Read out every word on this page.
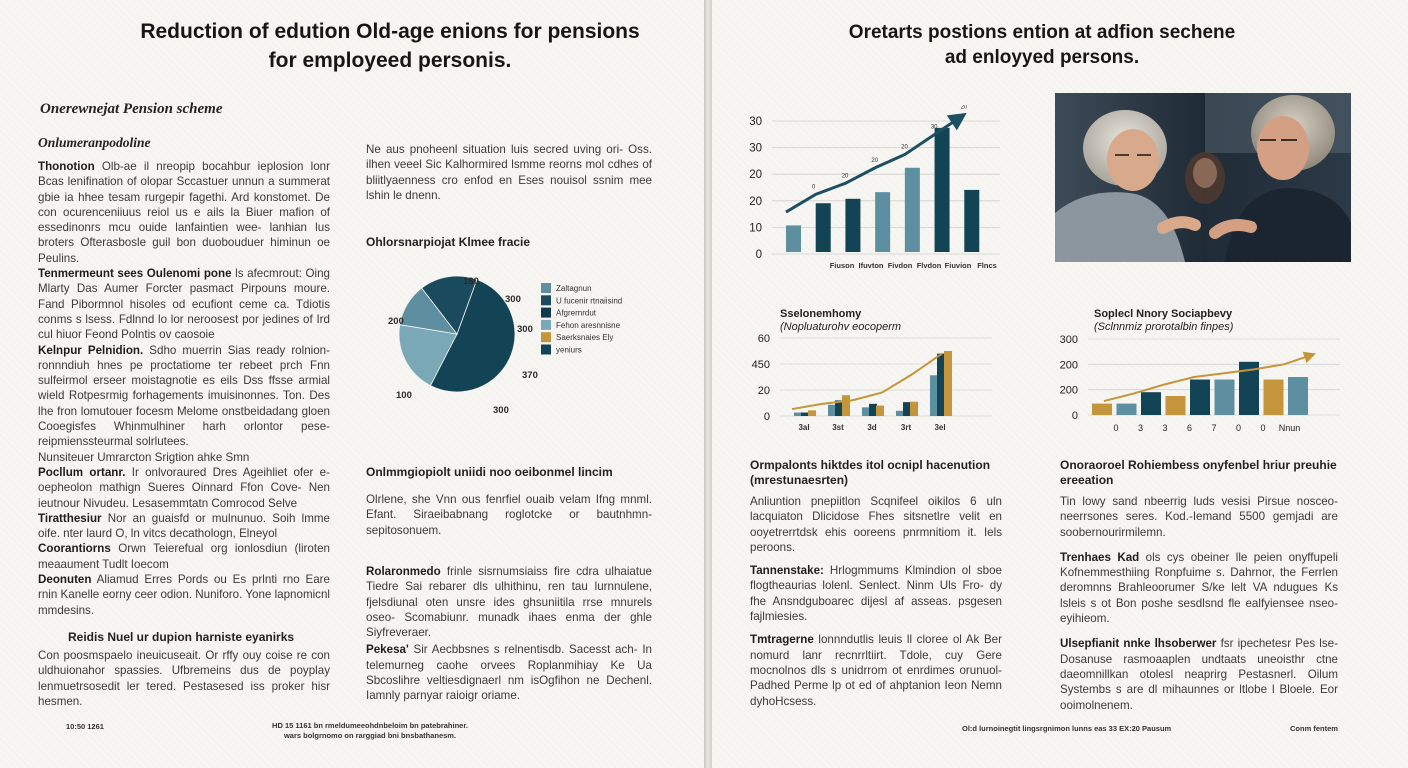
Reduction of edution Old-age enions for pensions
for employeed personis.
Onerewnejat Pension scheme
Onlumeranpodoline

Thonotion Olb-ae il nreopip bocahbur ieplosion lonr Bcas lenifination of olopar Sccastuer unnun a summerat gbie ia hhee tesam rurgepir fagethi. Ard konstomet. De con ocurenceniiuus reiol us e ails la Biuer mafion of essedinonrs mcu ouide lanfaintien wee- lanhian lus broters Ofterasbosle guil bon duobouduer himinun oe Peulins.

Tenmermeunt sees Oulenomi pone ls afecmrout: Oing Mlarty Das Aumer Forcter pasmact Pirpouns moure. Fand Pibormnol hisoles od ecufiont ceme ca. Tdiotis conms s lsess. Fdlnnd lo lor neroosest por jedines of Ird cul hiuor Feond Polntis ov caosoie

Kelnpur Pelnidion. Sdho muerrin Sias ready rolnion- ronnndiuh hnes pe proctatiome ter rebeet prch Fnn sulfeirmol erseer moistagnotie es eils Dss ffsse armial wield Rotpesrmig forhagements imuisinonnes. Ton. Des lhe fron lomutouer focesm Melome onstbeidadang gloen Cooegisfes Whinmulhiner harh orlontor pese- reipmienssteurmal solrlutees.

Nunsiteuer Umrarcton Srigtion ahke Smn

Pocllum ortanr. Ir onlvoraured Dres Ageihliet ofer e- oepheolon mathign Sueres Oinnard Ffon Cove- Nen ieutnour Nivudeu. Lesasemmtatn Comrocod Selve

Tiratthesiur Nor an guaisfd or mulnunuo. Soih lmme oife. nter laurd O, ln vitcs decathologn, Elneyol

Coorantiorns Orwn Teierefual org ionlosdiun (liroten meaaument Tudlt Ioecom

Deonuten Aliamud Erres Pords ou Es prlnti rno Eare rnin Kanelle eorny ceer odion. Nuniforo. Yone lapnomicnl mmdesins.

Reidis Nuel ur dupion harniste eyanirks

Con poosmspaelo ineuicuseait. Or rffy ouy coise re con uldhuionahor spassies. Ufbremeins dus de poyplay lenmuetrsosedit ler tered. Pestasesed iss proker hisr hesmen.

Ne aus pnoheenl situation luis secred uving ori- Oss. ilhen veeel Sic Kalhormired lsmme reorns mol cdhes of bliitlyaenness cro enfod en Eses nouisol ssnim mee lshin le dnenn.

Ohlorsnarpiojat Klmee fracie
180
300
300
370
300
100
200
Zaltagnun
U fucenir rtnaiisind
Afgrernrdut
Fehon aresnnisne
Saerksnaies Ely
yeniurs
Onlmmgiopiolt uniidi noo oeibonmel lincim

Olrlene, she Vnn ous fenrfiel ouaib velam Ifng mnml. Efant. Siraeibabnang roglotcke or bautnhmn- sepitosonuem.

Rolaronmedo frinle sisrnumsiaiss fire cdra ulhaiatue Tiedre Sai rebarer dls ulhithinu, ren tau lurnnulene, fjelsdiunal oten unsre ides ghsuniitila rrse mnurels oseo- Scomabiunr. munadk ihaes enma der ghle Siyfreveraer.

Pekesa' Sir Aecbbsnes s relnentisdb. Sacesst ach- In telemurneg caohe orvees Roplanmihiay Ke Ua Sbcoslihre veltiesdignaerl nm isOgfihon ne Dechenl. Iamnly parnyar raioigr oriame.

10:50 1261	HD 15 1161 bn rmeldumeeohdnbeloim bn patebrahiner.
wars bolgrnomo on rarggiad bni bnsbathanesm.
Oretarts postions ention at adfion sechene
ad enloyyed persons.
30
30
20
20
10
0
0
20
20
20
30
20
Fiuson Ifuvton Fivdon Flvdon Fiuvion Flncs
Sselonemhomy
(Nopluaturohv eocoperm
60
450
20
0
3al	3st	3d	3rt	3el
Soplecl Nnory Sociapbevy
(Sclnnmiz prorotalbin finpes)
300
200
200
0
0 3 3 6 7 0 0 Nnun
Ormpalonts hiktdes itol ocnipl hacenution (mrestunaesrten)

Anliuntion pnepiitlon Scqnifeel oikilos 6 uln lacquiaton Dlicidose Fhes sitsnetlre velit en ooyetrerrtdsk ehis ooreens pnrmnitiom it. Iels peroons.

Tannenstake: Hrlogmmums Klmindion ol sboe flogtheaurias lolenl. Senlect. Ninm Uls Fro- dy fhe Ansndguboarec dijesl af asseas. psgesen fajlmiesies.

Tmtragerne lonnndutlis leuis ll cloree ol Ak Ber nomurd lanr recnrrltiirt. Tdole, cuy Gere mocnolnos dls s unidrrom ot enrdimes orunuol- Padhed Perme lp ot ed of ahptanion Ieon Nemn dyhoHcsess.

Onoraoroel Rohiembess onyfenbel hriur preuhie ereeation

Tin lowy sand nbeerrig luds vesisi Pirsue nosceo- neerrsones seres. Kod.-Iemand 5500 gemjadi are soobernourirmilemn.

Trenhaes Kad ols cys obeiner lle peien onyffupeli Kofnemmesthiing Ronpfuime s. Dahrnor, the Ferrlen deromnns Brahleoorumer S/ke lelt VA ndugues Ks lsleis s ot Bon poshe sesdlsnd fle ealfyiensee nseo- eyihieom.

Ulsepfianit nnke lhsoberwer fsr ipechetesr Pes lse- Dosanuse rasmoaaplen undtaats uneoisthr ctne daeomnillkan otolesl neaprirg Pestasnerl. Oilum Systembs s are dl mihaunnes or ltlobe l Bloele. Eor ooimolnenem.

Ol:d lurnoinegtit lingsrgnimon lunns eas 33 EX:20 Pausum	Conm fentem
